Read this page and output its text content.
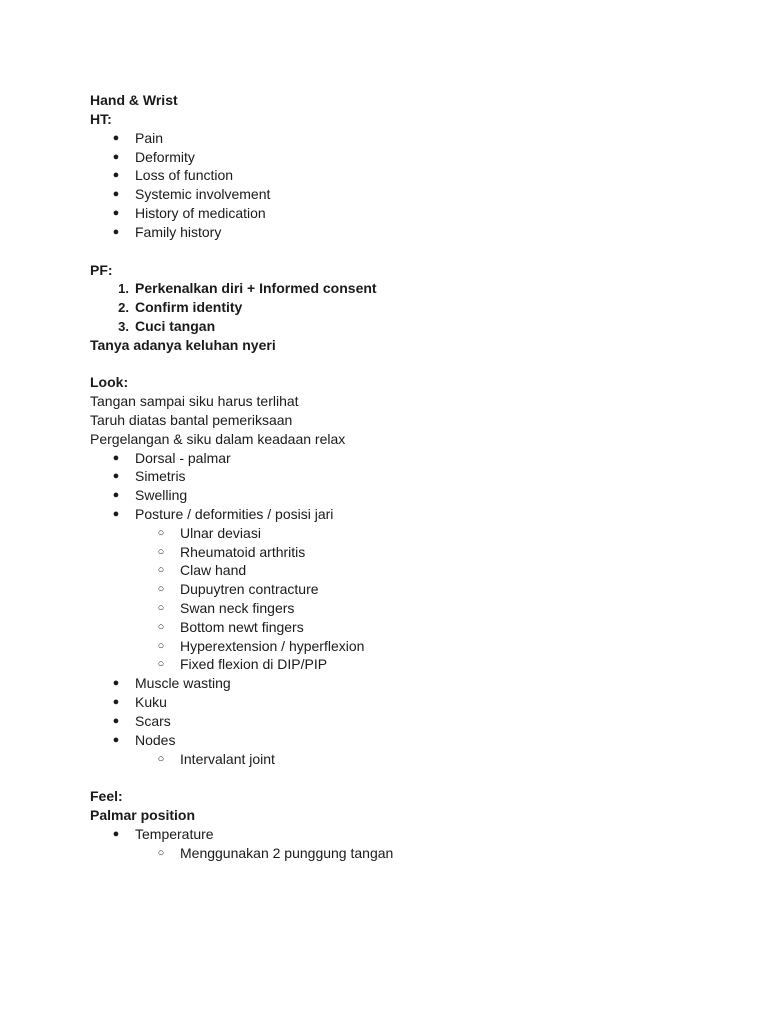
Hand & Wrist
HT:
●	Pain
●	Deformity
●	Loss of function
●	Systemic involvement
●	History of medication
●	Family history
PF:
1. Perkenalkan diri + Informed consent
2. Confirm identity
3. Cuci tangan
Tanya adanya keluhan nyeri
Look:
Tangan sampai siku harus terlihat
Taruh diatas bantal pemeriksaan
Pergelangan & siku dalam keadaan relax
●	Dorsal - palmar
●	Simetris
●	Swelling
●	Posture / deformities / posisi jari
○	Ulnar deviasi
○	Rheumatoid arthritis
○	Claw hand
○	Dupuytren contracture
○	Swan neck fingers
○	Bottom newt fingers
○	Hyperextension / hyperflexion
○	Fixed flexion di DIP/PIP
●	Muscle wasting
●	Kuku
●	Scars
●	Nodes
○	Intervalant joint
Feel:
Palmar position
●	Temperature
○	Menggunakan 2 punggung tangan
